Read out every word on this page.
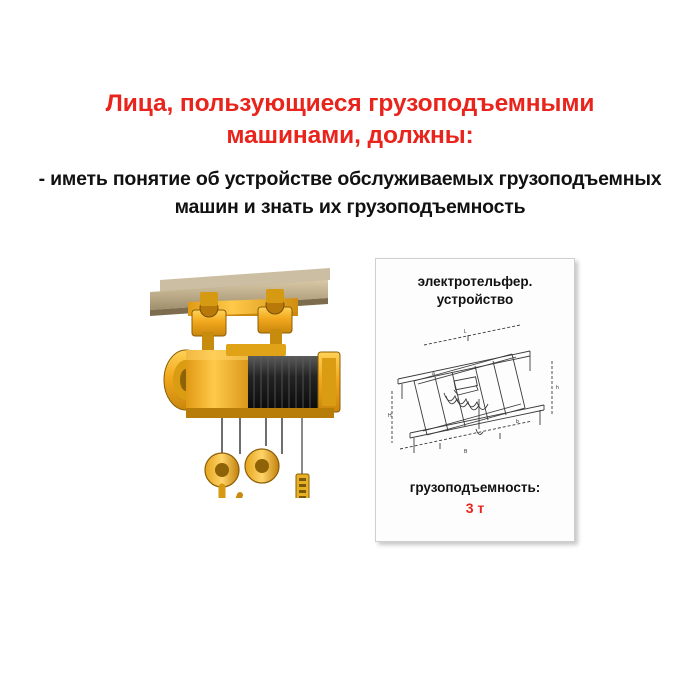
Лица, пользующиеся грузоподъемными машинами, должны:
- иметь понятие об устройстве обслуживаемых грузоподъемных машин и знать их грузоподъемность
электротельфер. устройство
L
H
h
B
a
b
грузоподъемность:
3 т
